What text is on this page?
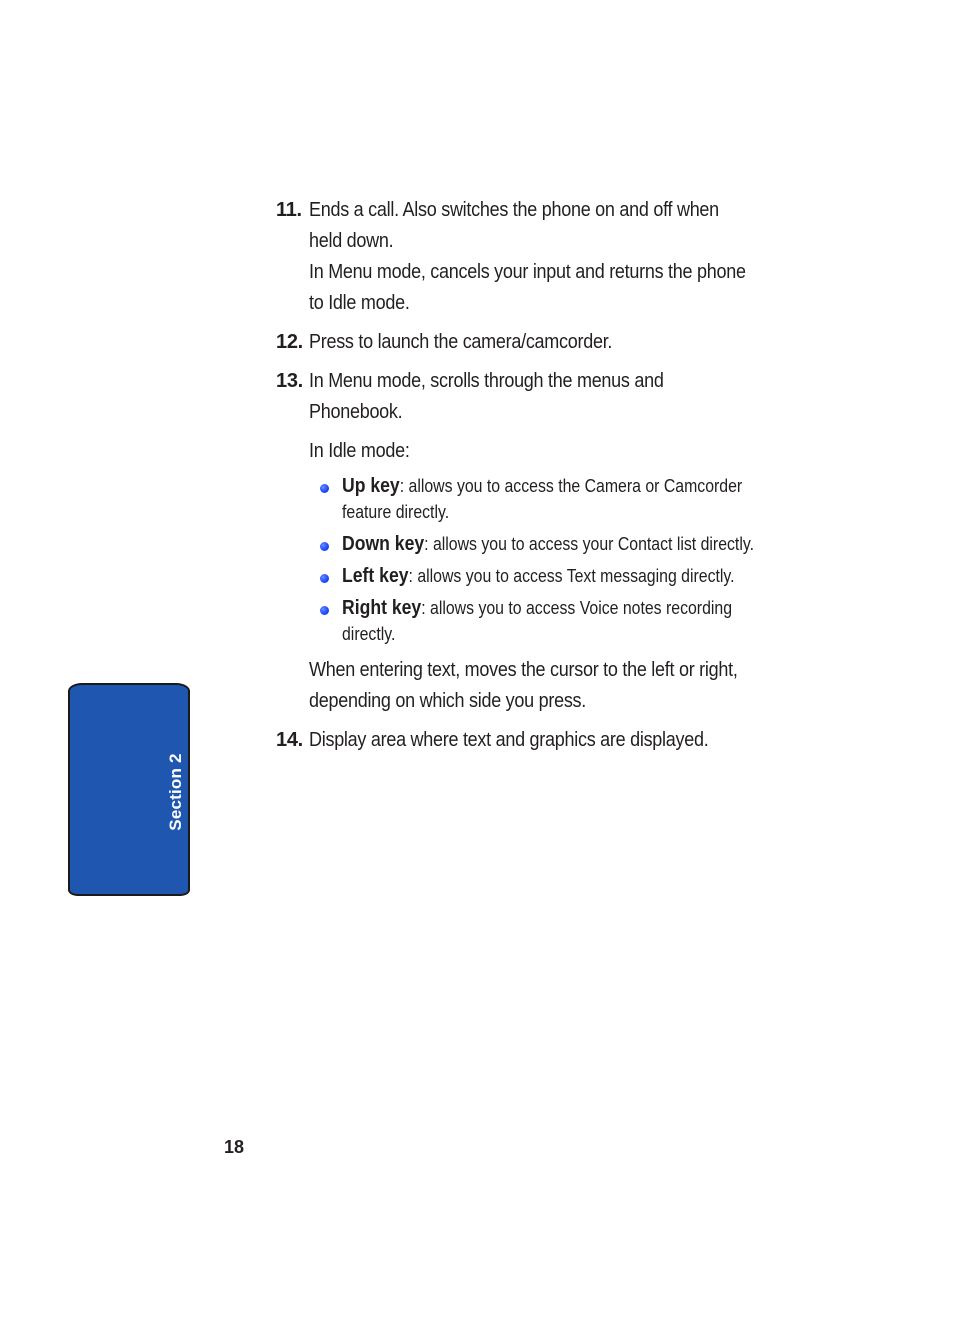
11. Ends a call. Also switches the phone on and off when

held down.

In Menu mode, cancels your input and returns the phone

to Idle mode.

12. Press to launch the camera/camcorder.

13. In Menu mode, scrolls through the menus and

Phonebook.

In Idle mode:

Up key: allows you to access the Camera or Camcorder

feature directly.

Down key: allows you to access your Contact list directly.

Left key: allows you to access Text messaging directly.

Right key: allows you to access Voice notes recording

directly.

When entering text, moves the cursor to the left or right,

depending on which side you press.

14. Display area where text and graphics are displayed.

Section 2
18
